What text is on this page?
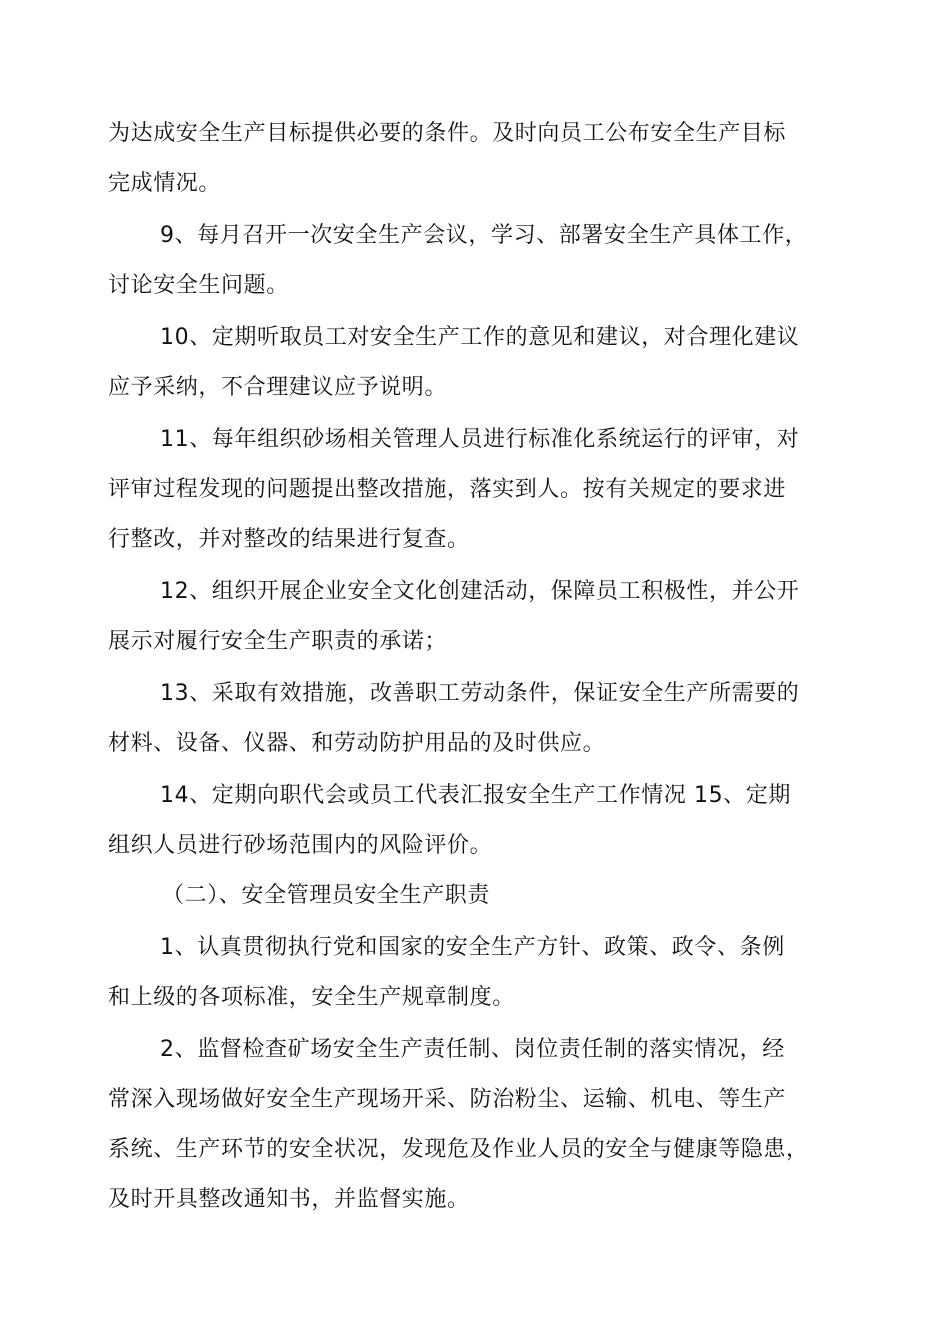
为达成安全生产目标提供必要的条件。及时向员工公布安全生产目标
完成情况。
9、每月召开一次安全生产会议，学习、部署安全生产具体工作，
讨论安全生问题。
10、定期听取员工对安全生产工作的意见和建议，对合理化建议
应予采纳，不合理建议应予说明。
11、每年组织砂场相关管理人员进行标准化系统运行的评审，对
评审过程发现的问题提出整改措施，落实到人。按有关规定的要求进
行整改，并对整改的结果进行复查。
12、组织开展企业安全文化创建活动，保障员工积极性，并公开
展示对履行安全生产职责的承诺；
13、采取有效措施，改善职工劳动条件，保证安全生产所需要的
材料、设备、仪器、和劳动防护用品的及时供应。
14、定期向职代会或员工代表汇报安全生产工作情况 15、定期
组织人员进行砂场范围内的风险评价。
（二）、安全管理员安全生产职责
1、认真贯彻执行党和国家的安全生产方针、政策、政令、条例
和上级的各项标准，安全生产规章制度。
2、监督检查矿场安全生产责任制、岗位责任制的落实情况，经
常深入现场做好安全生产现场开采、防治粉尘、运输、机电、等生产
系统、生产环节的安全状况，发现危及作业人员的安全与健康等隐患，
及时开具整改通知书，并监督实施。
